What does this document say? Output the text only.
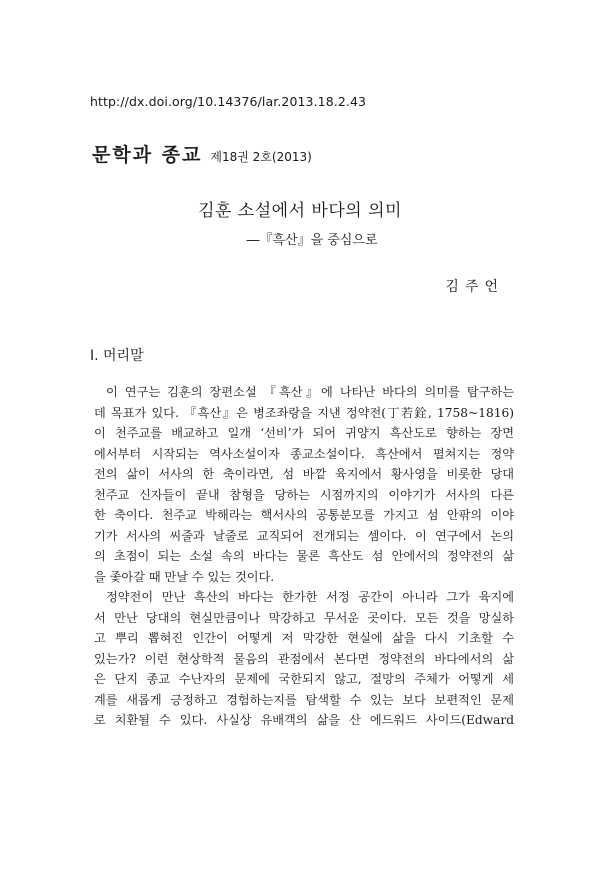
http://dx.doi.org/10.14376/lar.2013.18.2.43
문학과 종교 제18권 2호(2013)
김훈 소설에서 바다의 의미
―『흑산』을 중심으로
김주언
Ⅰ. 머리말
이 연구는 김훈의 장편소설 『흑산』에 나타난 바다의 의미를 탐구하는
데 목표가 있다. 『흑산』은 병조좌랑을 지낸 정약전(丁若銓, 1758~1816)
이 천주교를 배교하고 일개 ‘선비’가 되어 귀양지 흑산도로 향하는 장면
에서부터 시작되는 역사소설이자 종교소설이다. 흑산에서 펼쳐지는 정약
전의 삶이 서사의 한 축이라면, 섬 바깥 육지에서 황사영을 비롯한 당대
천주교 신자들이 끝내 참형을 당하는 시점까지의 이야기가 서사의 다른
한 축이다. 천주교 박해라는 핵서사의 공통분모를 가지고 섬 안팎의 이야
기가 서사의 씨줄과 날줄로 교직되어 전개되는 셈이다. 이 연구에서 논의
의 초점이 되는 소설 속의 바다는 물론 흑산도 섬 안에서의 정약전의 삶
을 좇아갈 때 만날 수 있는 것이다.
정약전이 만난 흑산의 바다는 한가한 서정 공간이 아니라 그가 육지에
서 만난 당대의 현실만큼이나 막강하고 무서운 곳이다. 모든 것을 망실하
고 뿌리 뽑혀진 인간이 어떻게 저 막강한 현실에 삶을 다시 기초할 수
있는가? 이런 현상학적 물음의 관점에서 본다면 정약전의 바다에서의 삶
은 단지 종교 수난자의 문제에 국한되지 않고, 절망의 주체가 어떻게 세
계를 새롭게 긍정하고 경험하는지를 탐색할 수 있는 보다 보편적인 문제
로 치환될 수 있다. 사실상 유배객의 삶을 산 에드워드 사이드(Edward
